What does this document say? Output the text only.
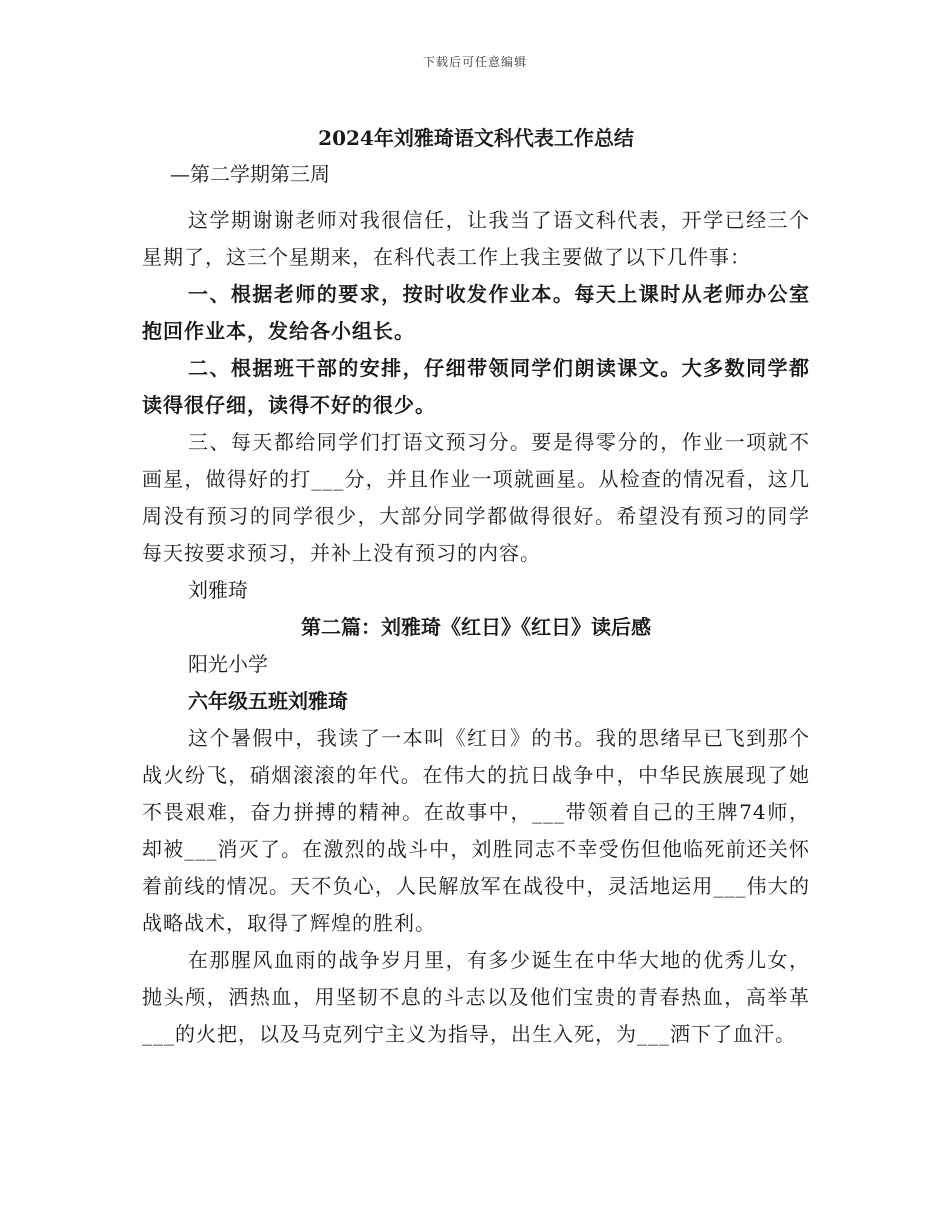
下载后可任意编辑
2024年刘雅琦语文科代表工作总结
—第二学期第三周

这学期谢谢老师对我很信任，让我当了语文科代表，开学已经三个星期了，这三个星期来，在科代表工作上我主要做了以下几件事：

一、根据老师的要求，按时收发作业本。每天上课时从老师办公室抱回作业本，发给各小组长。

二、根据班干部的安排，仔细带领同学们朗读课文。大多数同学都读得很仔细，读得不好的很少。

三、每天都给同学们打语文预习分。要是得零分的，作业一项就不画星，做得好的打___分，并且作业一项就画星。从检查的情况看，这几周没有预习的同学很少，大部分同学都做得很好。希望没有预习的同学每天按要求预习，并补上没有预习的内容。

刘雅琦
第二篇：刘雅琦《红日》《红日》读后感
阳光小学
六年级五班刘雅琦

这个暑假中，我读了一本叫《红日》的书。我的思绪早已飞到那个战火纷飞，硝烟滚滚的年代。在伟大的抗日战争中，中华民族展现了她不畏艰难，奋力拼搏的精神。在故事中，___带领着自己的王牌74师，却被___消灭了。在激烈的战斗中，刘胜同志不幸受伤但他临死前还关怀着前线的情况。天不负心，人民解放军在战役中，灵活地运用___伟大的战略战术，取得了辉煌的胜利。

在那腥风血雨的战争岁月里，有多少诞生在中华大地的优秀儿女，抛头颅，洒热血，用坚韧不息的斗志以及他们宝贵的青春热血，高举革___的火把，以及马克列宁主义为指导，出生入死，为___洒下了血汗。
